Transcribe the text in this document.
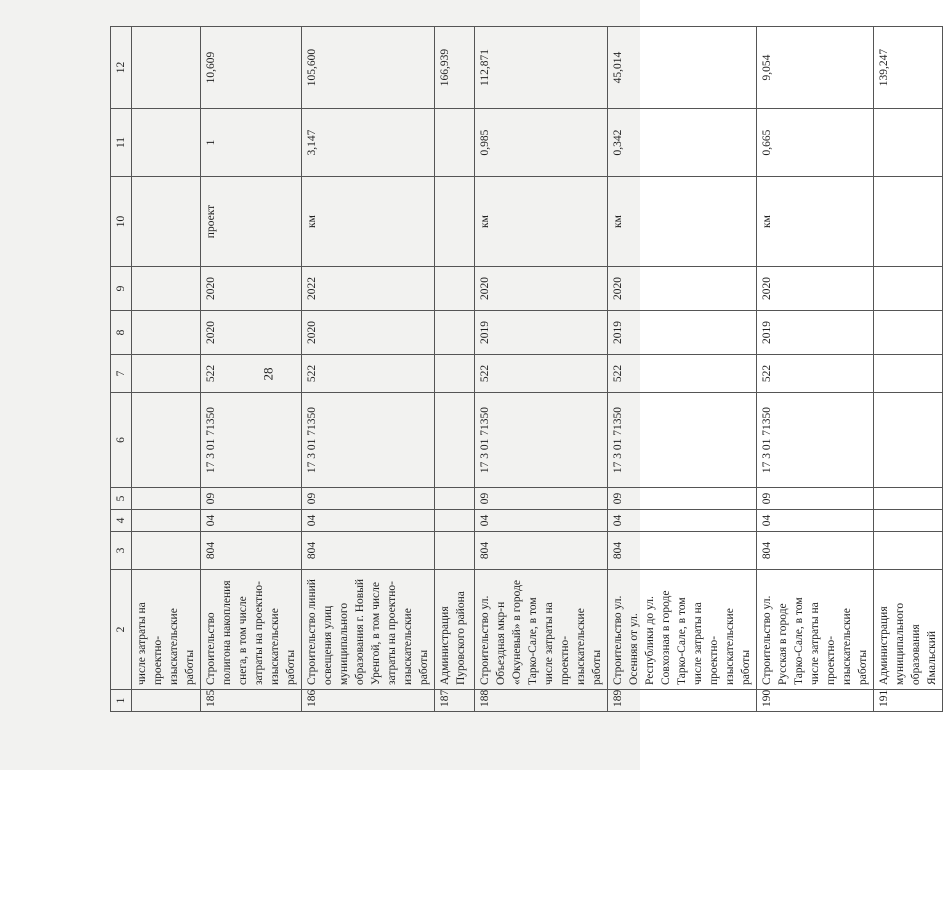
28
1	2	3	4	5	6	7	8	9	10	11	12
	числе затраты на проектно-изыскательские работы										
185	Строительство полигона накопления снега, в том числе затраты на проектно-изыскательские работы	804	04	09	17 3 01 71350	522	2020	2020	проект	1	10,609
186	Строительство линий освещения улиц муниципального образования г. Новый Уренгой, в том числе затраты на проектно-изыскательские работы	804	04	09	17 3 01 71350	522	2020	2022	км	3,147	105,600
187	Администрация Пуровского района										166,939
188	Строительство ул. Объездная мкр-н «Окуневый» в городе Тарко-Сале, в том числе затраты на проектно-изыскательские работы	804	04	09	17 3 01 71350	522	2019	2020	км	0,985	112,871
189	Строительство ул. Осенняя от ул. Республики до ул. Совхозная в городе Тарко-Сале, в том числе затраты на проектно-изыскательские работы	804	04	09	17 3 01 71350	522	2019	2020	км	0,342	45,014
190	Строительство ул. Русская в городе Тарко-Сале, в том числе затраты на проектно-изыскательские работы	804	04	09	17 3 01 71350	522	2019	2020	км	0,665	9,054
191	Администрация муниципального образования Ямальский										139,247
